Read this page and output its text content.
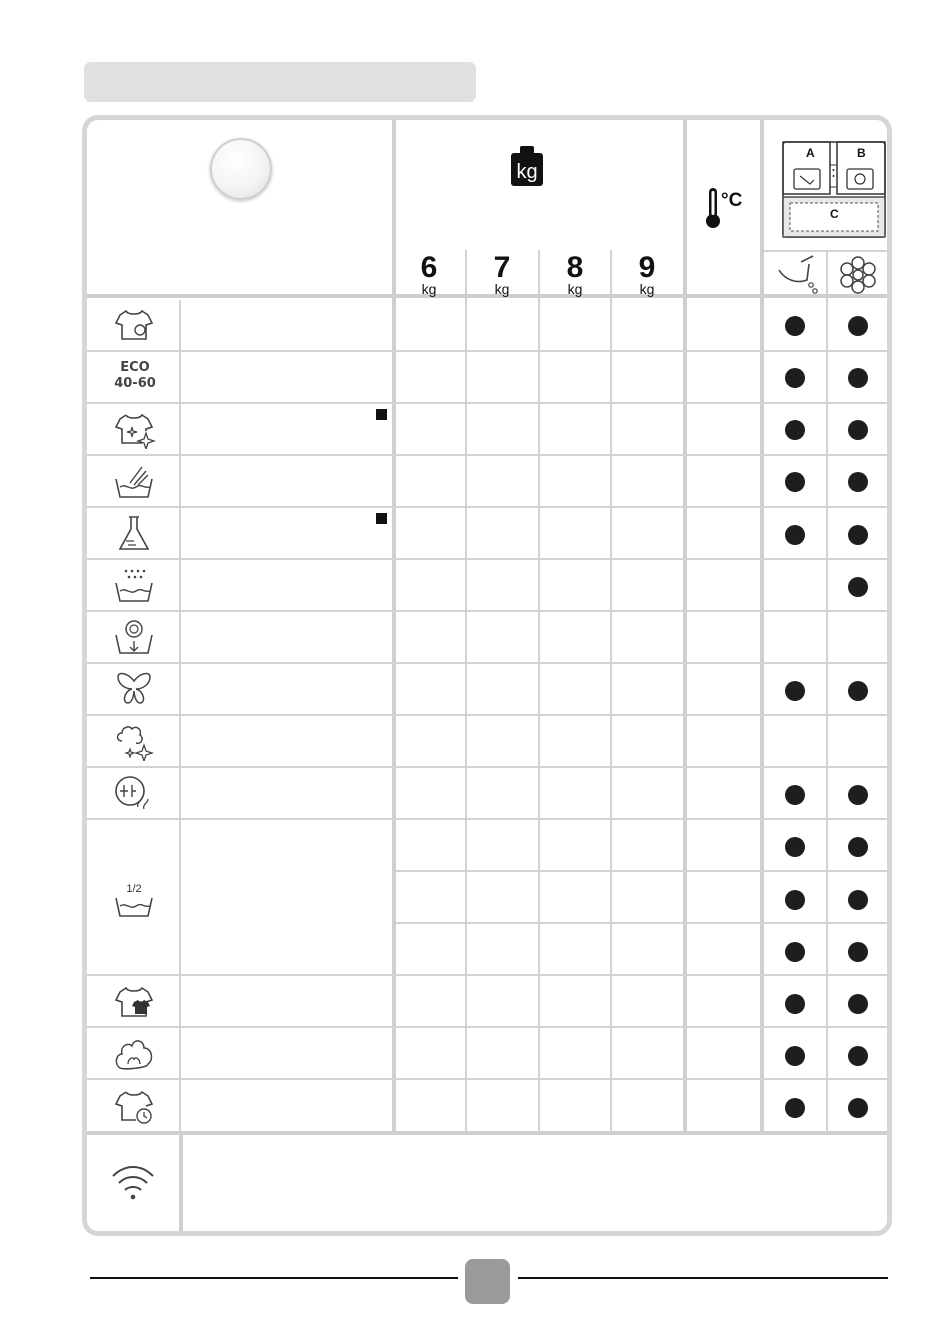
kg
6
kg
7
kg
8
kg
9
kg
°C
A	B
C
ECO
40-60
1/2
